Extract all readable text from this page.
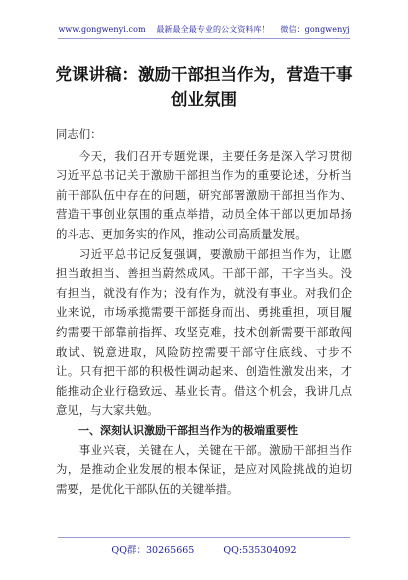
www.gongwenyi.com 最新最全最专业的公文资料库！ 微信：gongwenyj
党课讲稿：激励干部担当作为，营造干事
创业氛围

同志们：

今天，我们召开专题党课，主要任务是深入学习贯彻习近平总书记关于激励干部担当作为的重要论述，分析当前干部队伍中存在的问题，研究部署激励干部担当作为、营造干事创业氛围的重点举措，动员全体干部以更加昂扬的斗志、更加务实的作风，推动公司高质量发展。

习近平总书记反复强调，要激励干部担当作为，让愿担当敢担当、善担当蔚然成风。干部干部，干字当头。没有担当，就没有作为；没有作为，就没有事业。对我们企业来说，市场承揽需要干部挺身而出、勇挑重担，项目履约需要干部靠前指挥、攻坚克难，技术创新需要干部敢闯敢试、锐意进取，风险防控需要干部守住底线、寸步不让。只有把干部的积极性调动起来、创造性激发出来，才能推动企业行稳致远、基业长青。借这个机会，我讲几点意见，与大家共勉。

一、深刻认识激励干部担当作为的极端重要性

事业兴衰，关键在人，关键在干部。激励干部担当作为，是推动企业发展的根本保证，是应对风险挑战的迫切需要，是优化干部队伍的关键举措。

QQ群：30265665	QQ:535304092
